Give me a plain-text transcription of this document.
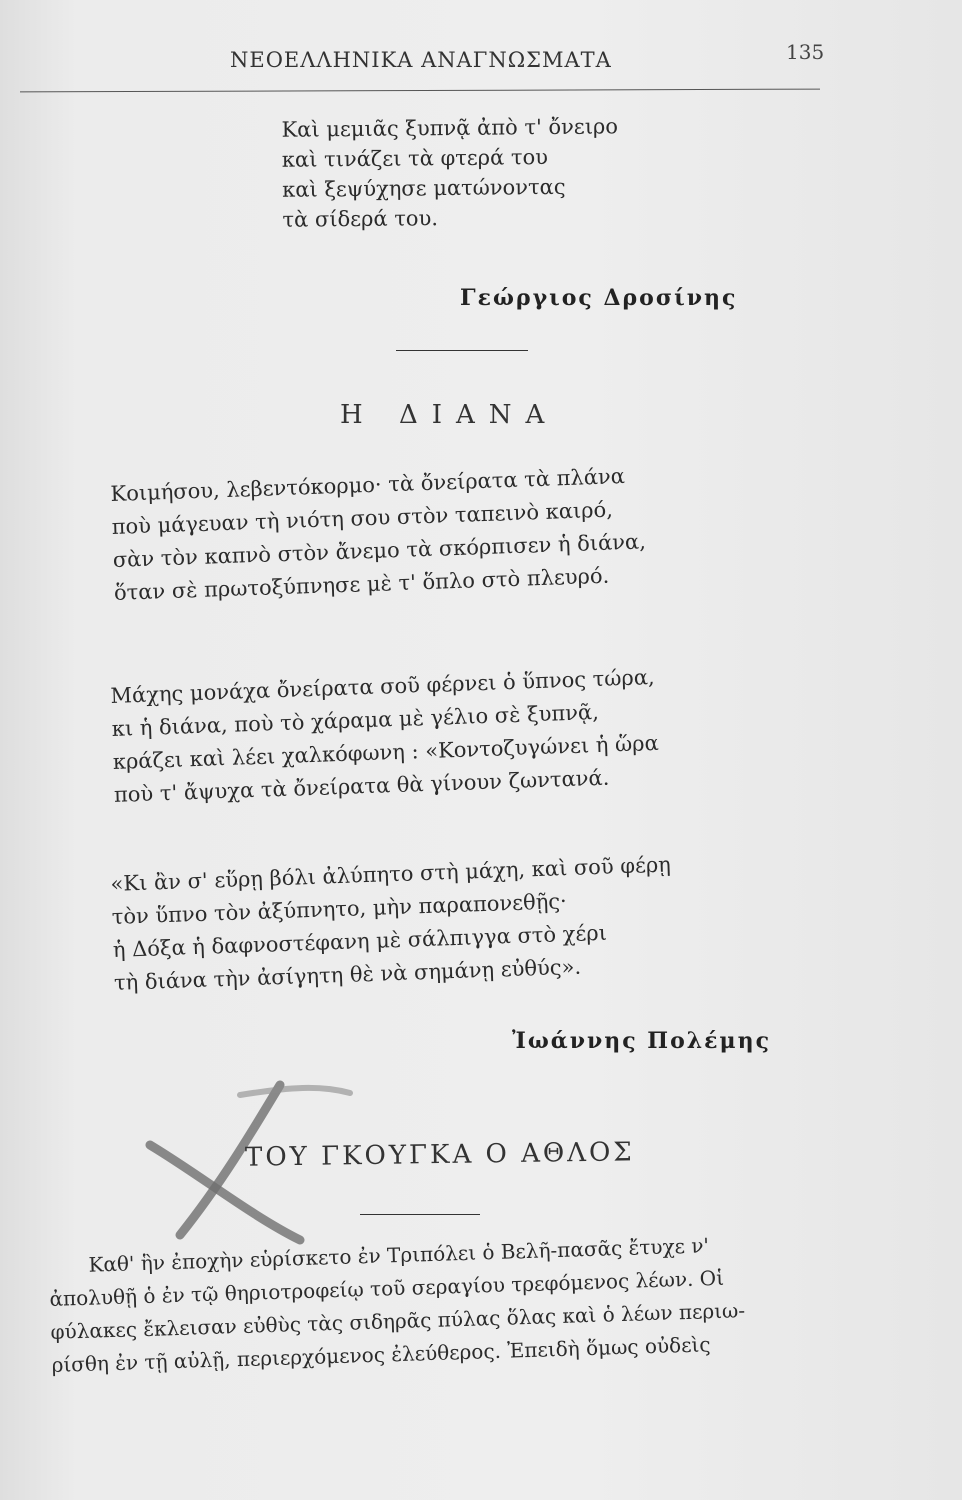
ΝΕΟΕΛΛΗΝΙΚΑ ΑΝΑΓΝΩΣΜΑΤΑ	135
Καὶ μεμιᾶς ξυπνᾷ ἀπὸ τ' ὄνειρο
καὶ τινάζει τὰ φτερά του
καὶ ξεψύχησε ματώνοντας
τὰ σίδερά του.
Γεώργιος Δροσίνης
Η ΔΙΑΝΑ
Κοιμήσου, λεβεντόκορμο· τὰ ὄνείρατα τὰ πλάνα
ποὺ μάγευαν τὴ νιότη σου στὸν ταπεινὸ καιρό,
σὰν τὸν καπνὸ στὸν ἄνεμο τὰ σκόρπισεν ἡ διάνα,
ὅταν σὲ πρωτοξύπνησε μὲ τ' ὅπλο στὸ πλευρό.
Μάχης μονάχα ὄνείρατα σοῦ φέρνει ὁ ὕπνος τώρα,
κι ἡ διάνα, ποὺ τὸ χάραμα μὲ γέλιο σὲ ξυπνᾷ,
κράζει καὶ λέει χαλκόφωνη : «Κοντοζυγώνει ἡ ὥρα
ποὺ τ' ἄψυχα τὰ ὄνείρατα θὰ γίνουν ζωντανά.
«Κι ἂν σ' εὕρῃ βόλι ἀλύπητο στὴ μάχη, καὶ σοῦ φέρῃ
τὸν ὕπνο τὸν ἀξύπνητο, μὴν παραπονεθῇς·
ἡ Δόξα ἡ δαφνοστέφανη μὲ σάλπιγγα στὸ χέρι
τὴ διάνα τὴν ἀσίγητη θὲ νὰ σημάνῃ εὐθύς».
Ἰωάννης Πολέμης
ΤΟΥ ΓΚΟΥΓΚΑ Ο ΑΘΛΟΣ
Καθ' ἣν ἐποχὴν εὑρίσκετο ἐν Τριπόλει ὁ Βελῆ-πασᾶς ἔτυχε ν'
ἀπολυθῇ ὁ ἐν τῷ θηριοτροφείῳ τοῦ σεραγίου τρεφόμενος λέων. Οἱ
φύλακες ἔκλεισαν εὐθὺς τὰς σιδηρᾶς πύλας ὅλας καὶ ὁ λέων περιω-
ρίσθη ἐν τῇ αὐλῇ, περιερχόμενος ἐλεύθερος. Ἐπειδὴ ὅμως οὐδεὶς
